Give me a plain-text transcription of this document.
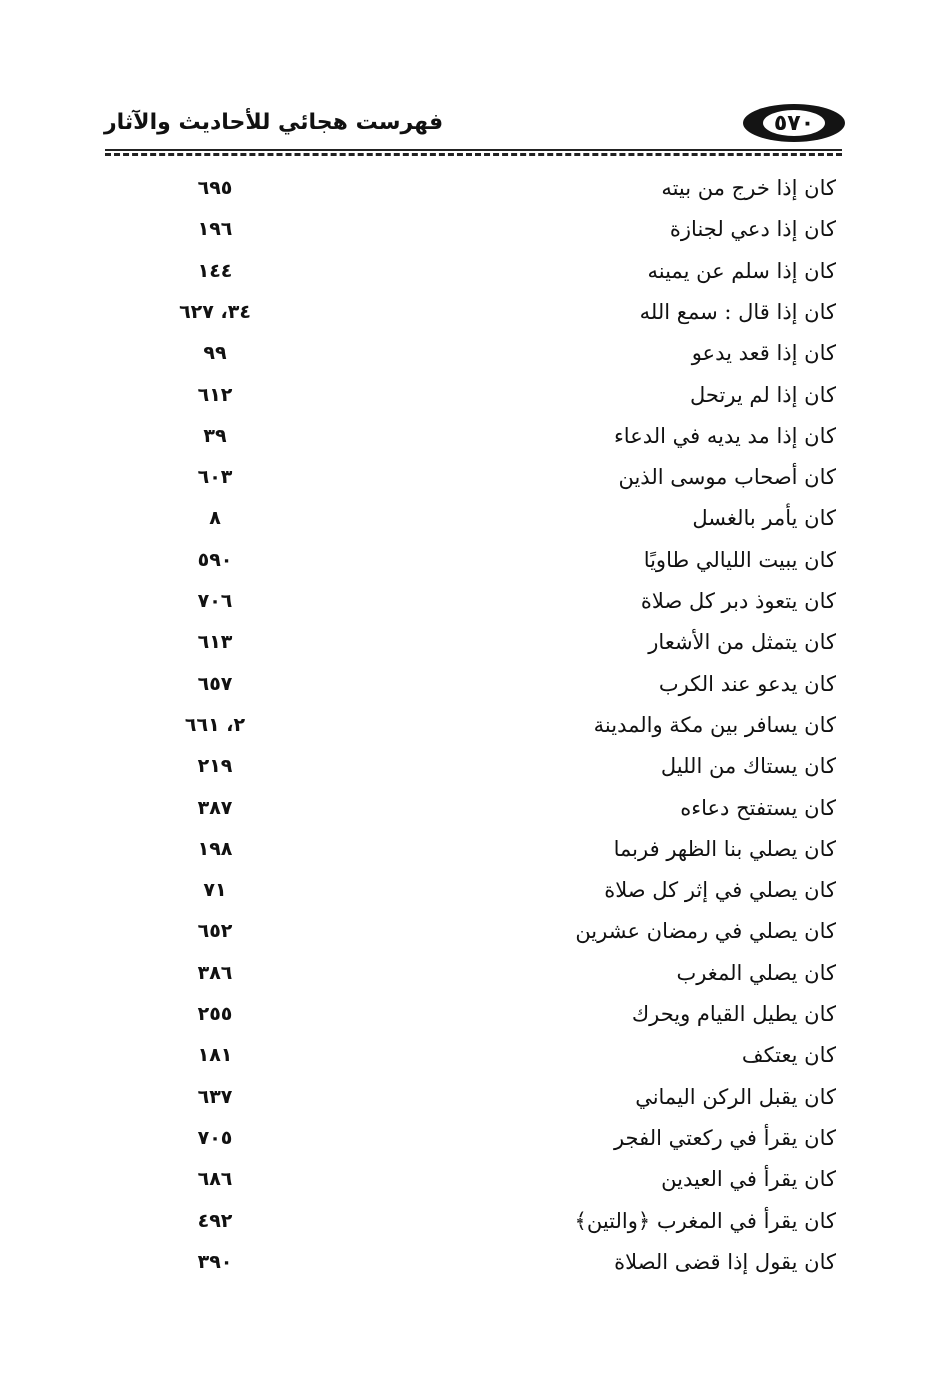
فهرست هجائي للأحاديث والآثار	٥٧٠
كان إذا خرج من بيته
٦٩٥
كان إذا دعي لجنازة
١٩٦
كان إذا سلم عن يمينه
١٤٤
كان إذا قال : سمع الله
٣٤، ٦٢٧
كان إذا قعد يدعو
٩٩
كان إذا لم يرتحل
٦١٢
كان إذا مد يديه في الدعاء
٣٩
كان أصحاب موسى الذين
٦٠٣
كان يأمر بالغسل
٨
كان يبيت الليالي طاويًا
٥٩٠
كان يتعوذ دبر كل صلاة
٧٠٦
كان يتمثل من الأشعار
٦١٣
كان يدعو عند الكرب
٦٥٧
كان يسافر بين مكة والمدينة
٢، ٦٦١
كان يستاك من الليل
٢١٩
كان يستفتح دعاءه
٣٨٧
كان يصلي بنا الظهر فربما
١٩٨
كان يصلي في إثر كل صلاة
٧١
كان يصلي في رمضان عشرين
٦٥٢
كان يصلي المغرب
٣٨٦
كان يطيل القيام ويحرك
٢٥٥
كان يعتكف
١٨١
كان يقبل الركن اليماني
٦٣٧
كان يقرأ في ركعتي الفجر
٧٠٥
كان يقرأ في العيدين
٦٨٦
كان يقرأ في المغرب ﴿والتين﴾
٤٩٢
كان يقول إذا قضى الصلاة
٣٩٠
